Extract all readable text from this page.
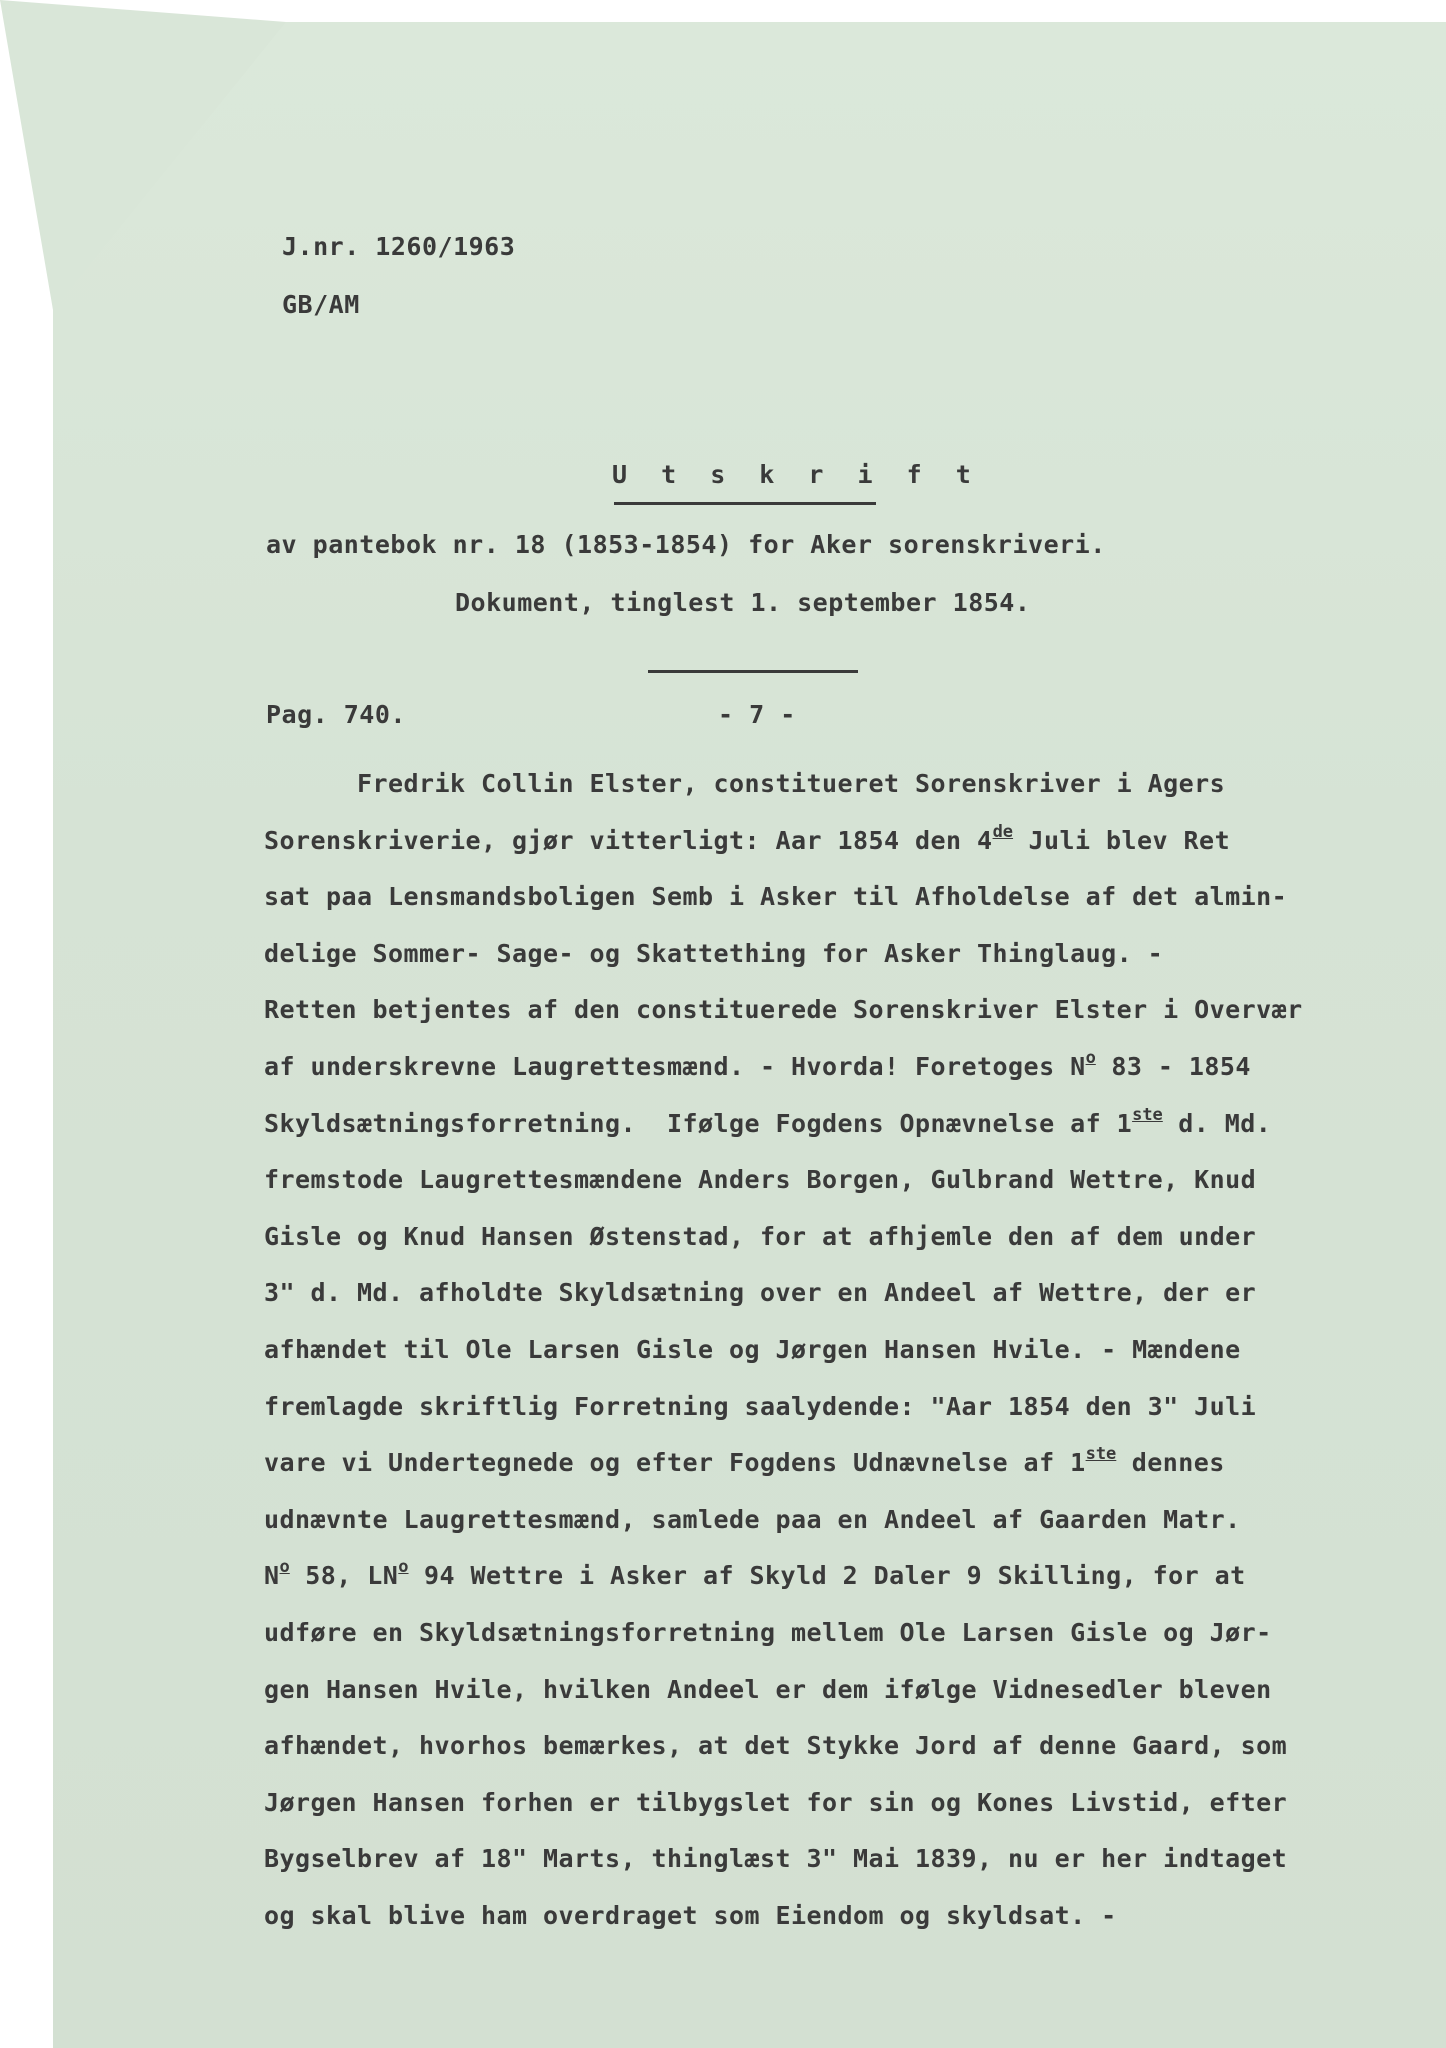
J.nr. 1260/1963
GB/AM
U t s k r i f t
av pantebok nr. 18 (1853-1854) for Aker sorenskriveri.
Dokument, tinglest 1. september 1854.
Pag. 740.	- 7 -
Fredrik Collin Elster, constitueret Sorenskriver i Agers
Sorenskriverie, gjør vitterligt: Aar 1854 den 4de Juli blev Ret
sat paa Lensmandsboligen Semb i Asker til Afholdelse af det almin-
delige Sommer- Sage- og Skattething for Asker Thinglaug. -
Retten betjentes af den constituerede Sorenskriver Elster i Overvær
af underskrevne Laugrettesmænd. - Hvorda! Foretoges $N^o$ 83 - 1854
Skyldsætningsforretning.  Ifølge Fogdens Opnævnelse af 1ste d. Md.
fremstode Laugrettesmændene Anders Borgen, Gulbrand Wettre, Knud
Gisle og Knud Hansen Østenstad, for at afhjemle den af dem under
3" d. Md. afholdte Skyldsætning over en Andeel af Wettre, der er
afhændet til Ole Larsen Gisle og Jørgen Hansen Hvile. - Mændene
fremlagde skriftlig Forretning saalydende: "Aar 1854 den 3" Juli
vare vi Undertegnede og efter Fogdens Udnævnelse af 1ste dennes
udnævnte Laugrettesmænd, samlede paa en Andeel af Gaarden Matr.
$N^o$ 58, $LN^o$ 94 Wettre i Asker af Skyld 2 Daler 9 Skilling, for at
udføre en Skyldsætningsforretning mellem Ole Larsen Gisle og Jør-
gen Hansen Hvile, hvilken Andeel er dem ifølge Vidnesedler bleven
afhændet, hvorhos bemærkes, at det Stykke Jord af denne Gaard, som
Jørgen Hansen forhen er tilbygslet for sin og Kones Livstid, efter
Bygselbrev af 18" Marts, thinglæst 3" Mai 1839, nu er her indtaget
og skal blive ham overdraget som Eiendom og skyldsat. -
